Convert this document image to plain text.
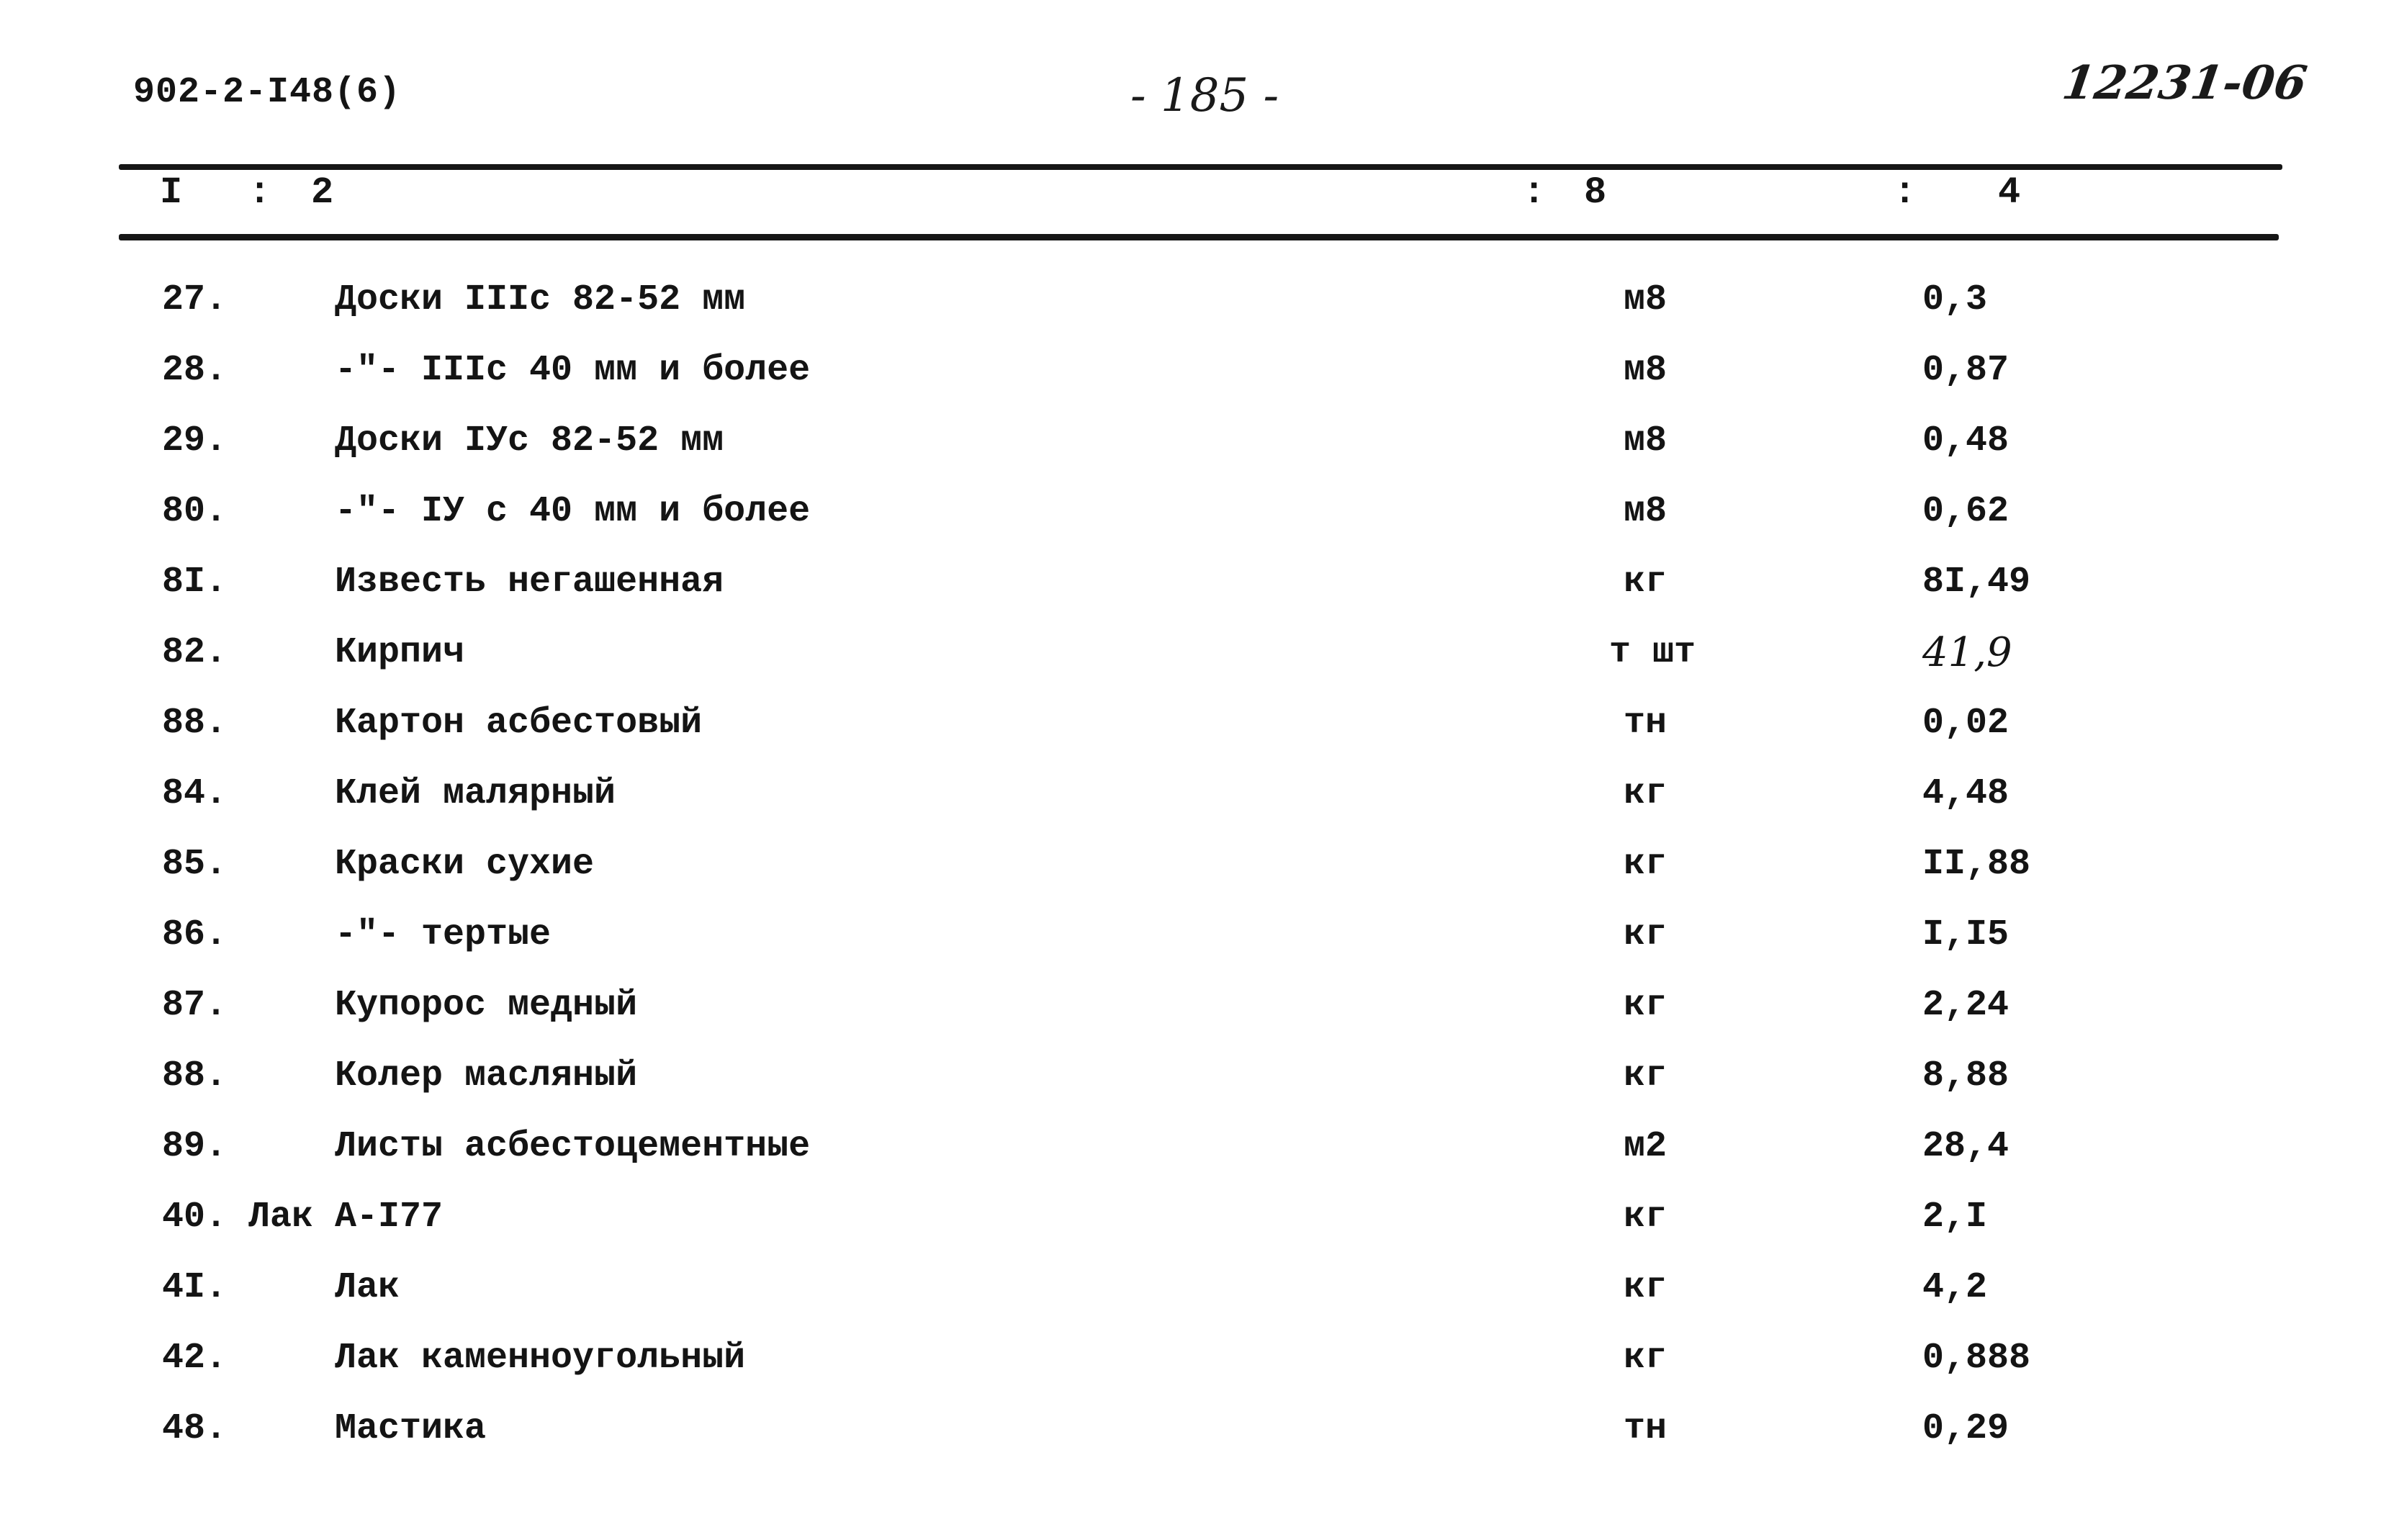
902-2-I48(6)	- 185 -	12231-06
I : 2	: 8	: 4
27.	Доски IIIc 82-52 мм	м8	0,3
28.	-"- IIIc 40 мм и более	м8	0,87
29.	Доски IУc 82-52 мм	м8	0,48
80.	-"- IУ с 40 мм и более	м8	0,62
8I.	Известь негашенная	кг	8I,49
82.	Кирпич	т шт	41,9
88.	Картон асбестовый	тн	0,02
84.	Клей малярный	кг	4,48
85.	Краски сухие	кг	II,88
86.	-"- тертые	кг	I,I5
87.	Купорос медный	кг	2,24
88.	Колер масляный	кг	8,88
89.	Листы асбестоцементные	м2	28,4
40. Лак А-I77	кг	2,I
4I.	Лак	кг	4,2
42.	Лак каменноугольный	кг	0,888
48.	Мастика	тн	0,29
